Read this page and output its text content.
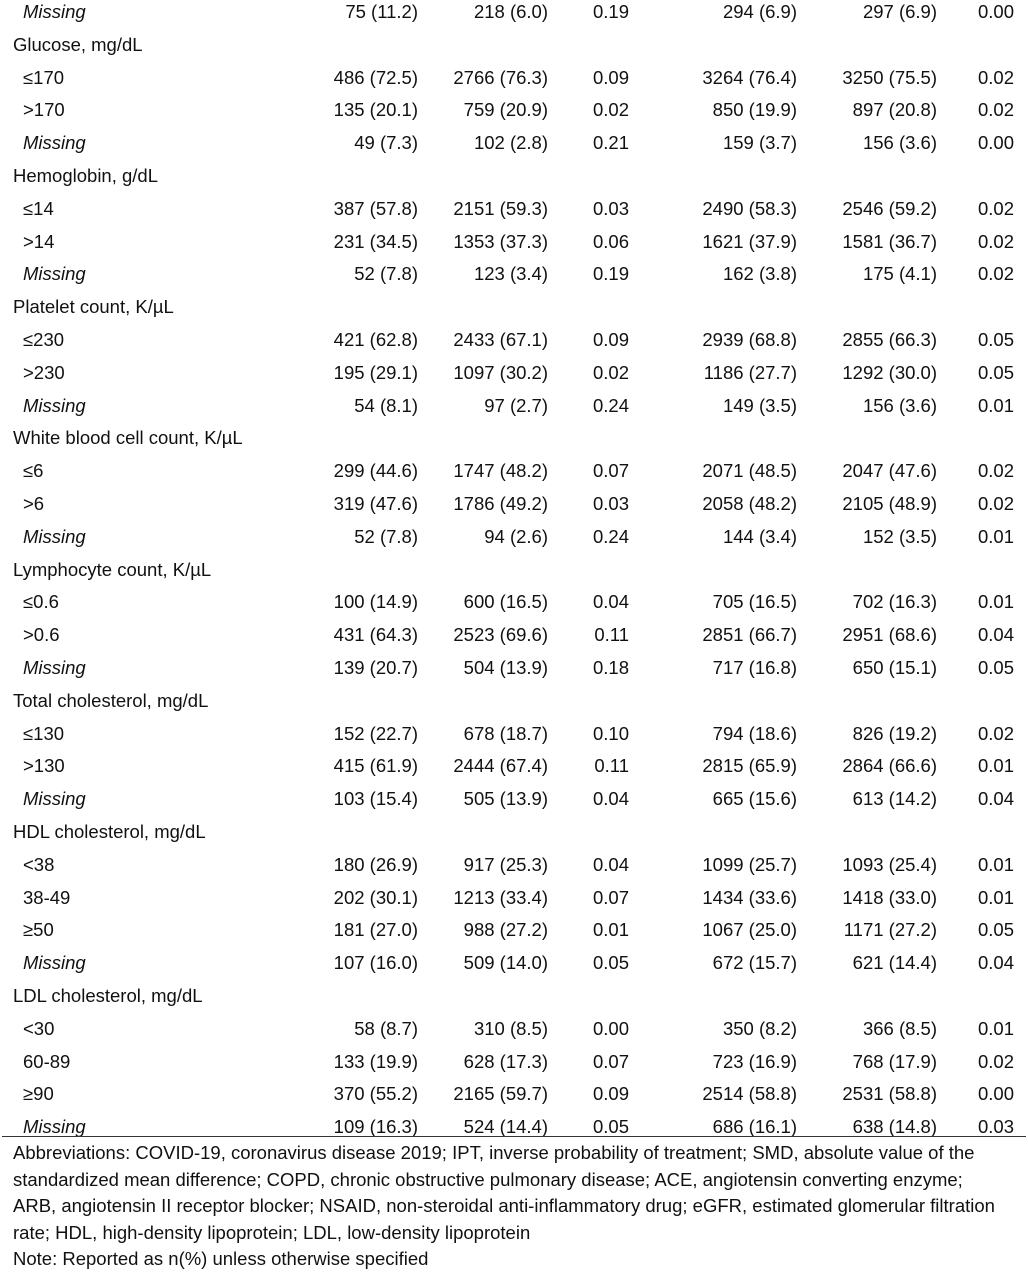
Missing	75 (11.2)	218 (6.0) 0.19	294 (6.9)	297 (6.9) 0.00
Glucose, mg/dL
≤170	486 (72.5) 2766 (76.3) 0.09	3264 (76.4) 3250 (75.5) 0.02
>170	135 (20.1) 759 (20.9) 0.02	850 (19.9)	897 (20.8) 0.02
Missing	49 (7.3)	102 (2.8) 0.21	159 (3.7)	156 (3.6) 0.00
Hemoglobin, g/dL
≤14	387 (57.8) 2151 (59.3) 0.03	2490 (58.3) 2546 (59.2) 0.02
>14	231 (34.5) 1353 (37.3) 0.06	1621 (37.9) 1581 (36.7) 0.02
Missing	52 (7.8)	123 (3.4) 0.19	162 (3.8)	175 (4.1) 0.02
Platelet count, K/µL
≤230	421 (62.8) 2433 (67.1) 0.09	2939 (68.8) 2855 (66.3) 0.05
>230	195 (29.1) 1097 (30.2) 0.02	1186 (27.7) 1292 (30.0) 0.05
Missing	54 (8.1)	97 (2.7) 0.24	149 (3.5)	156 (3.6) 0.01
White blood cell count, K/µL
≤6	299 (44.6) 1747 (48.2) 0.07	2071 (48.5) 2047 (47.6) 0.02
>6	319 (47.6) 1786 (49.2) 0.03	2058 (48.2) 2105 (48.9) 0.02
Missing	52 (7.8)	94 (2.6) 0.24	144 (3.4)	152 (3.5) 0.01
Lymphocyte count, K/µL
≤0.6	100 (14.9) 600 (16.5) 0.04	705 (16.5)	702 (16.3) 0.01
>0.6	431 (64.3) 2523 (69.6)	0.11	2851 (66.7) 2951 (68.6) 0.04
Missing	139 (20.7) 504 (13.9) 0.18	717 (16.8)	650 (15.1) 0.05
Total cholesterol, mg/dL
≤130	152 (22.7) 678 (18.7) 0.10	794 (18.6)	826 (19.2) 0.02
>130	415 (61.9) 2444 (67.4)	0.11	2815 (65.9) 2864 (66.6) 0.01
Missing	103 (15.4) 505 (13.9) 0.04	665 (15.6)	613 (14.2) 0.04
HDL cholesterol, mg/dL
<38	180 (26.9) 917 (25.3) 0.04	1099 (25.7) 1093 (25.4) 0.01
38-49	202 (30.1) 1213 (33.4) 0.07	1434 (33.6) 1418 (33.0) 0.01
≥50	181 (27.0) 988 (27.2) 0.01	1067 (25.0)	1171 (27.2) 0.05
Missing	107 (16.0) 509 (14.0) 0.05	672 (15.7)	621 (14.4) 0.04
LDL cholesterol, mg/dL
<30	58 (8.7)	310 (8.5) 0.00	350 (8.2)	366 (8.5) 0.01
60-89	133 (19.9) 628 (17.3) 0.07	723 (16.9)	768 (17.9) 0.02
≥90	370 (55.2) 2165 (59.7) 0.09	2514 (58.8) 2531 (58.8) 0.00
Missing	109 (16.3) 524 (14.4) 0.05	686 (16.1)	638 (14.8) 0.03
Abbreviations: COVID-19, coronavirus disease 2019; IPT, inverse probability of treatment; SMD, absolute value of the standardized mean difference; COPD, chronic obstructive pulmonary disease; ACE, angiotensin converting enzyme; ARB, angiotensin II receptor blocker; NSAID, non-steroidal anti-inflammatory drug; eGFR, estimated glomerular filtration rate; HDL, high-density lipoprotein; LDL, low-density lipoprotein
Note: Reported as n(%) unless otherwise specified
